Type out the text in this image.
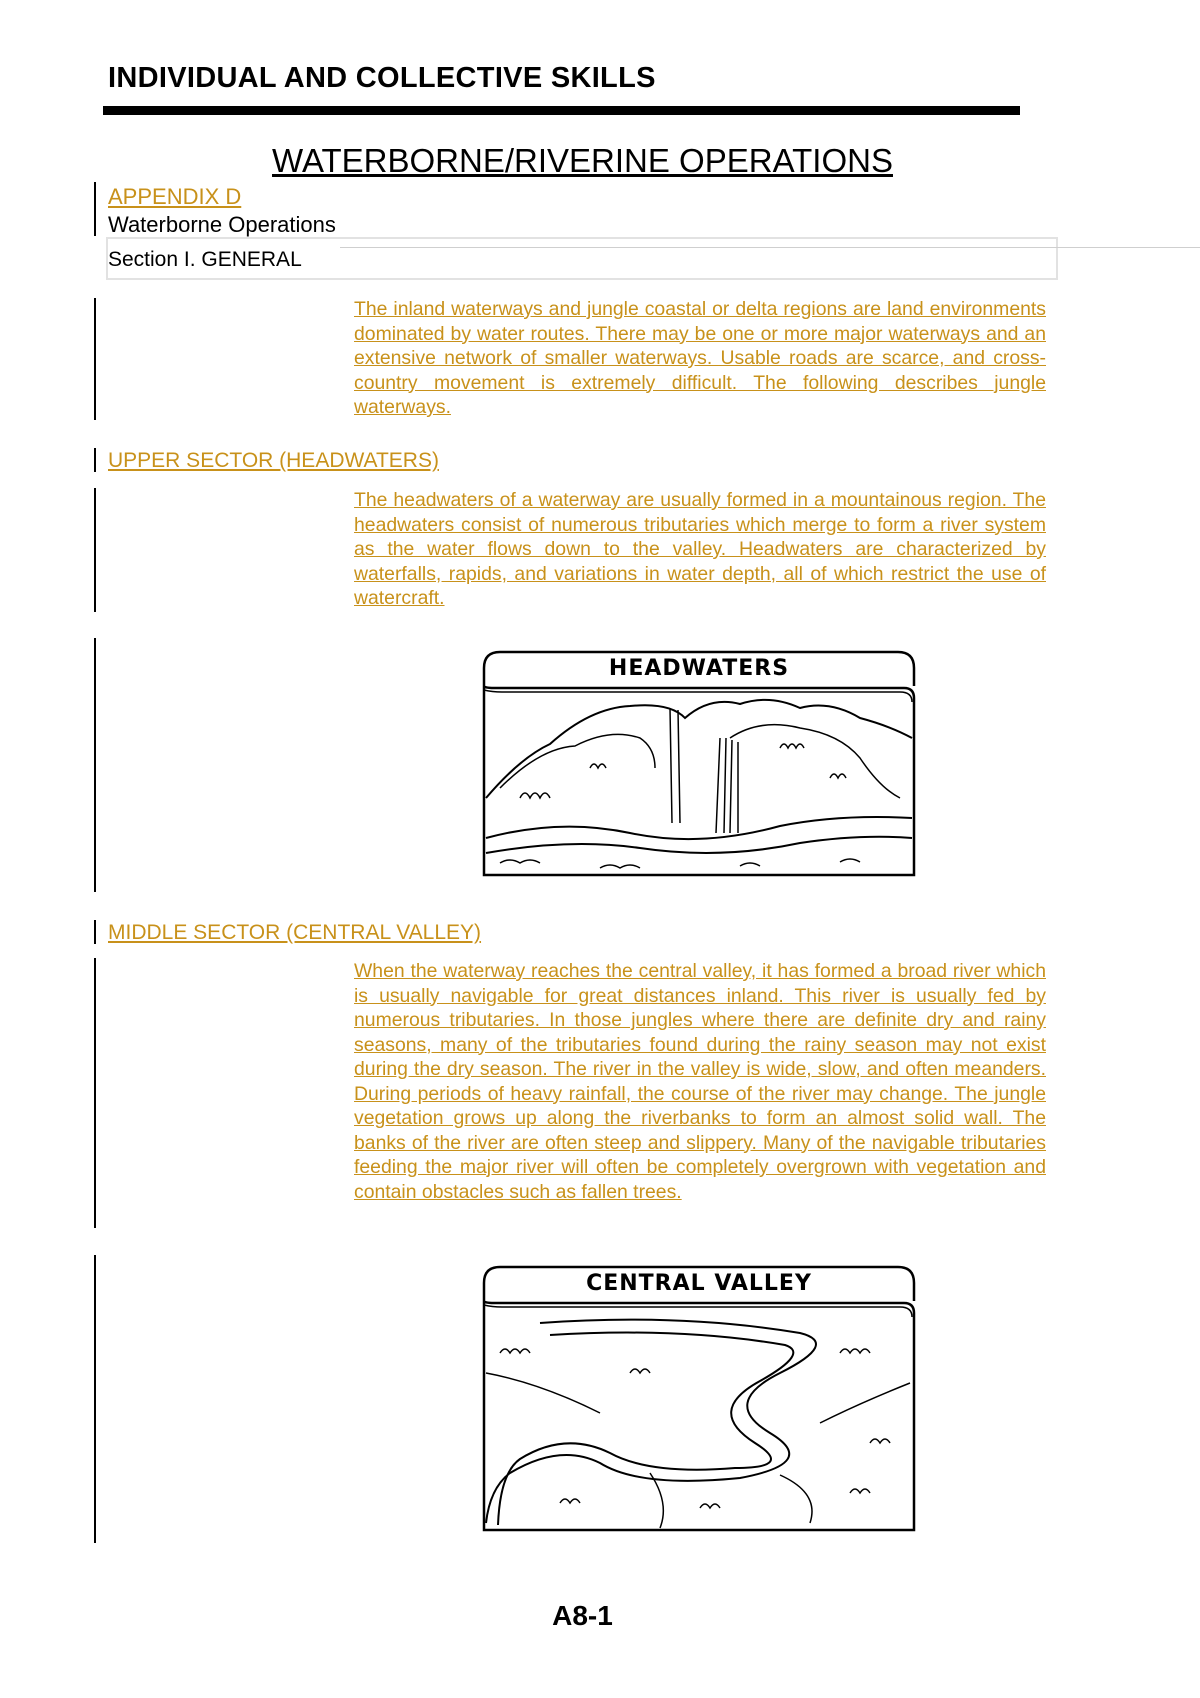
INDIVIDUAL AND COLLECTIVE SKILLS
WATERBORNE/RIVERINE OPERATIONS
APPENDIX D
Waterborne Operations
Section I. GENERAL

The inland waterways and jungle coastal or delta regions are land environments dominated by water routes. There may be one or more major waterways and an extensive network of smaller waterways. Usable roads are scarce, and cross-country movement is extremely difficult. The following describes jungle waterways.

UPPER SECTOR (HEADWATERS)

The headwaters of a waterway are usually formed in a mountainous region. The headwaters consist of numerous tributaries which merge to form a river system as the water flows down to the valley. Headwaters are characterized by waterfalls, rapids, and variations in water depth, all of which restrict the use of watercraft.

HEADWATERS
MIDDLE SECTOR (CENTRAL VALLEY)

When the waterway reaches the central valley, it has formed a broad river which is usually navigable for great distances inland. This river is usually fed by numerous tributaries. In those jungles where there are definite dry and rainy seasons, many of the tributaries found during the rainy season may not exist during the dry season. The river in the valley is wide, slow, and often meanders. During periods of heavy rainfall, the course of the river may change. The jungle vegetation grows up along the riverbanks to form an almost solid wall. The banks of the river are often steep and slippery. Many of the navigable tributaries feeding the major river will often be completely overgrown with vegetation and contain obstacles such as fallen trees.

CENTRAL VALLEY
A8-1
